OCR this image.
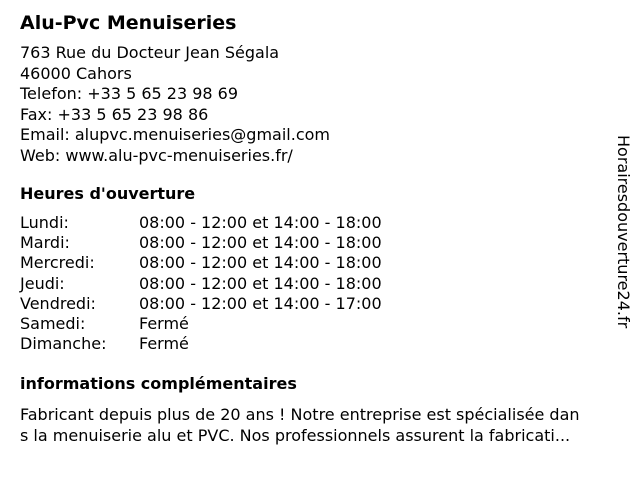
Alu-Pvc Menuiseries
763 Rue du Docteur Jean Ségala
46000 Cahors
Telefon: +33 5 65 23 98 69
Fax: +33 5 65 23 98 86
Email: alupvc.menuiseries@gmail.com
Web: www.alu-pvc-menuiseries.fr/
Heures d'ouverture
Lundi:	08:00 - 12:00 et 14:00 - 18:00
Mardi:	08:00 - 12:00 et 14:00 - 18:00
Mercredi:	08:00 - 12:00 et 14:00 - 18:00
Jeudi:	08:00 - 12:00 et 14:00 - 18:00
Vendredi:	08:00 - 12:00 et 14:00 - 17:00
Samedi:	Fermé
Dimanche: Fermé
informations complémentaires
Fabricant depuis plus de 20 ans ! Notre entreprise est spécialisée dan
s la menuiserie alu et PVC. Nos professionnels assurent la fabricati...
Horairesdouverture24.fr
